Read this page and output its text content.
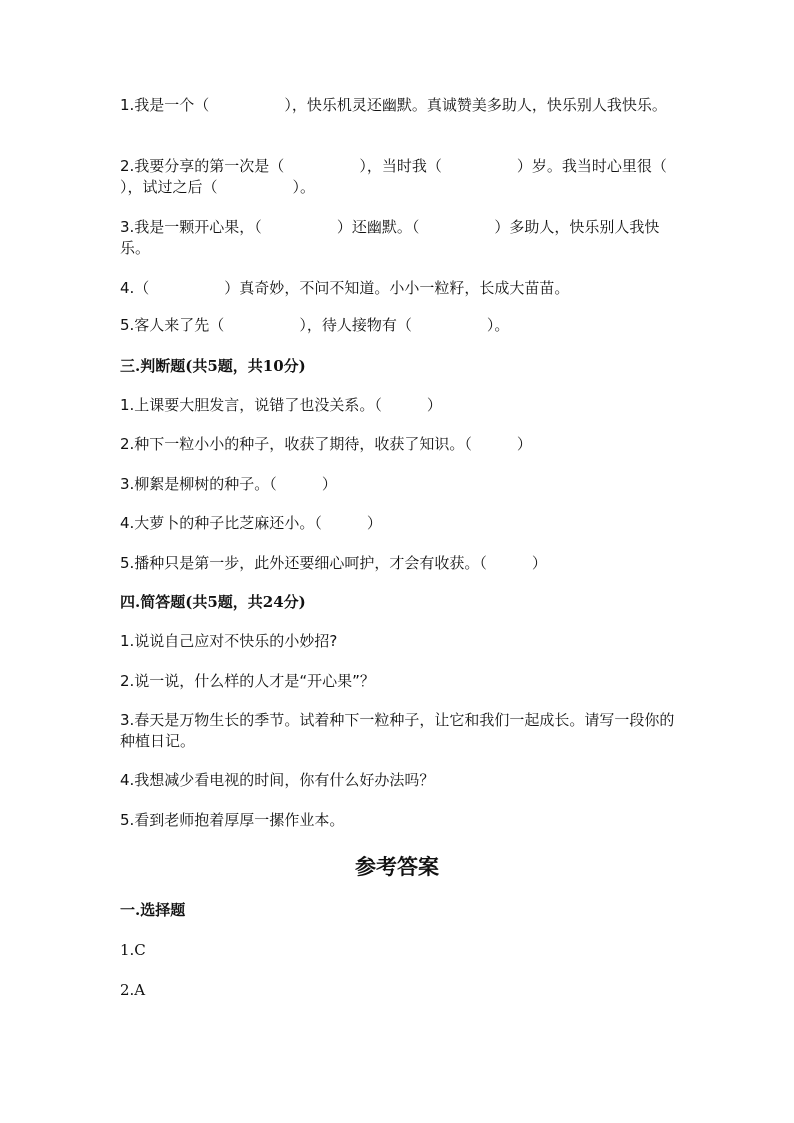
1.我是一个（　　　　　），快乐机灵还幽默。真诚赞美多助人，快乐别人我快乐。

2.我要分享的第一次是（　　　　　），当时我（　　　　　）岁。我当时心里很（　　　　　），试过之后（　　　　　）。

3.我是一颗开心果，（　　　　　）还幽默。（　　　　　）多助人，快乐别人我快乐。

4.（　　　　　）真奇妙，不问不知道。小小一粒籽，长成大苗苗。

5.客人来了先（　　　　　），待人接物有（　　　　　）。

三.判断题(共5题，共10分)

1.上课要大胆发言，说错了也没关系。（　　　）

2.种下一粒小小的种子，收获了期待，收获了知识。（　　　）

3.柳絮是柳树的种子。（　　　）

4.大萝卜的种子比芝麻还小。（　　　）

5.播种只是第一步，此外还要细心呵护，才会有收获。（　　　）

四.简答题(共5题，共24分)

1.说说自己应对不快乐的小妙招?

2.说一说，什么样的人才是“开心果”？

3.春天是万物生长的季节。试着种下一粒种子，让它和我们一起成长。请写一段你的种植日记。

4.我想减少看电视的时间，你有什么好办法吗？

5.看到老师抱着厚厚一摞作业本。

参考答案
一.选择题

1.C

2.A
